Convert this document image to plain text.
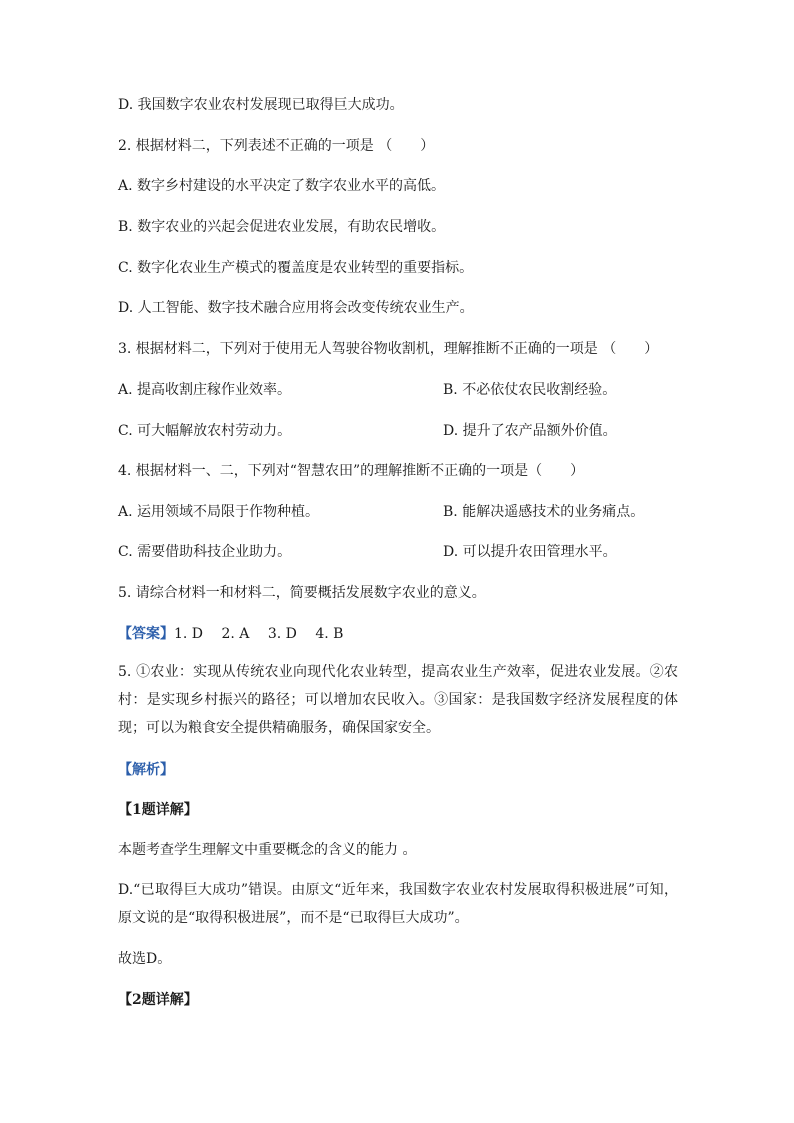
D. 我国数字农业农村发展现已取得巨大成功。
2. 根据材料二，下列表述不正确的一项是 （　　）
A. 数字乡村建设的水平决定了数字农业水平的高低。
B. 数字农业的兴起会促进农业发展，有助农民增收。
C. 数字化农业生产模式的覆盖度是农业转型的重要指标。
D. 人工智能、数字技术融合应用将会改变传统农业生产。
3. 根据材料二，下列对于使用无人驾驶谷物收割机，理解推断不正确的一项是 （　　）
A. 提高收割庄稼作业效率。	B. 不必依仗农民收割经验。
C. 可大幅解放农村劳动力。	D. 提升了农产品额外价值。
4. 根据材料一、二，下列对“智慧农田”的理解推断不正确的一项是（　　）
A. 运用领域不局限于作物种植。	B. 能解决遥感技术的业务痛点。
C. 需要借助科技企业助力。	D. 可以提升农田管理水平。
5. 请综合材料一和材料二，简要概括发展数字农业的意义。
【答案】1. D　 2. A　 3. D　 4. B
5. ①农业：实现从传统农业向现代化农业转型，提高农业生产效率，促进农业发展。②农村：是实现乡村振兴的路径；可以增加农民收入。③国家：是我国数字经济发展程度的体现；可以为粮食安全提供精确服务，确保国家安全。
【解析】
【1题详解】
本题考查学生理解文中重要概念的含义的能力 。
D.“已取得巨大成功”错误。由原文“近年来，我国数字农业农村发展取得积极进展”可知，原文说的是“取得积极进展”，而不是“已取得巨大成功”。
故选D。
【2题详解】
